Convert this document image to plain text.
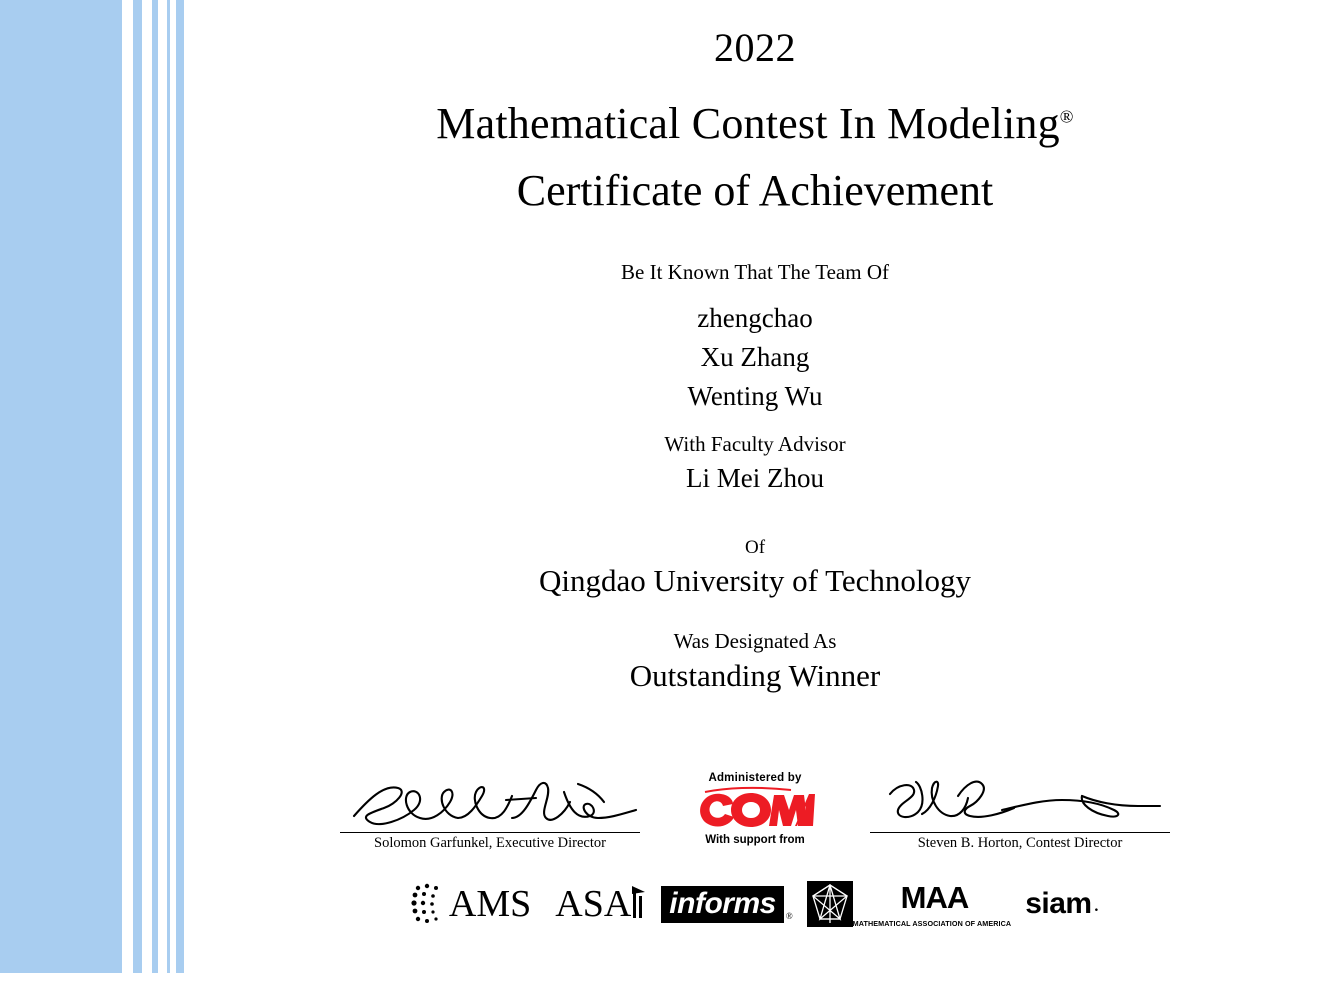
2022
Mathematical Contest In Modeling®
Certificate of Achievement
Be It Known That The Team Of
zhengchao
Xu Zhang
Wenting Wu
With Faculty Advisor
Li Mei Zhou
Of
Qingdao University of Technology
Was Designated As
Outstanding Winner
Solomon Garfunkel, Executive Director
Administered by
With support from	Steven B. Horton, Contest Director
AMS ASA informs	®
MAA
MATHEMATICAL ASSOCIATION OF AMERICA
siam .
